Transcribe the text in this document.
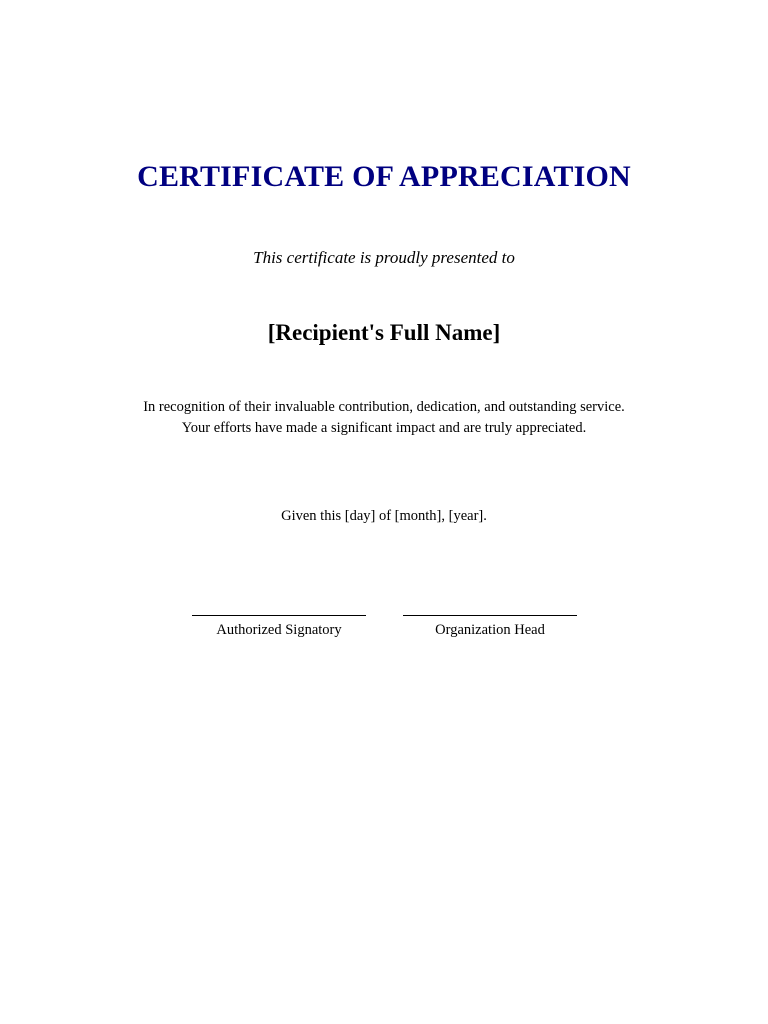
CERTIFICATE OF APPRECIATION
This certificate is proudly presented to
[Recipient's Full Name]
In recognition of their invaluable contribution, dedication, and outstanding service.
Your efforts have made a significant impact and are truly appreciated.
Given this [day] of [month], [year].
Authorized Signatory	Organization Head
